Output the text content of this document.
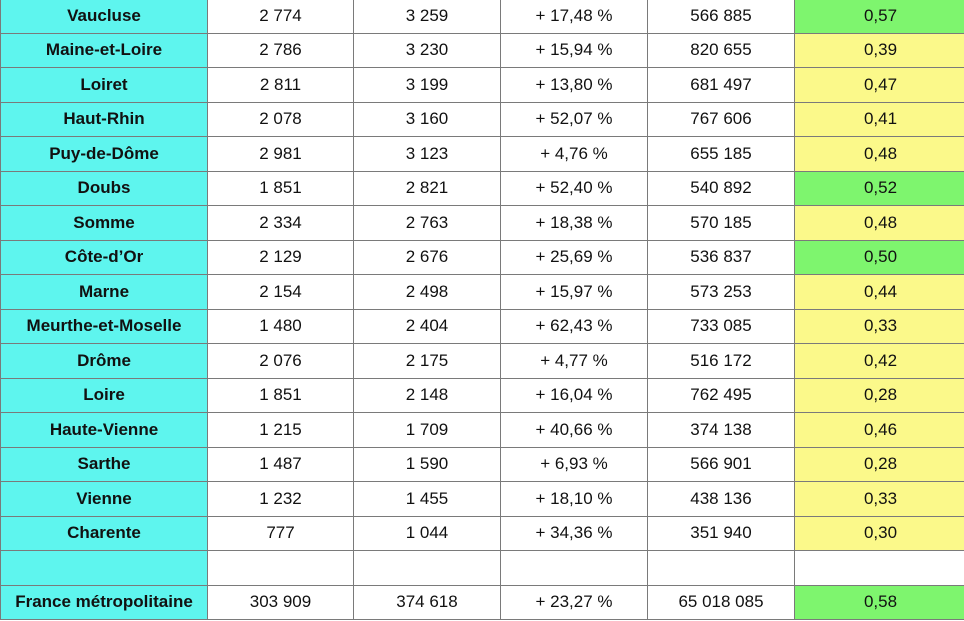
Vaucluse	2 774	3 259	+ 17,48 %	566 885	0,57
Maine-et-Loire	2 786	3 230	+ 15,94 %	820 655	0,39
Loiret	2 811	3 199	+ 13,80 %	681 497	0,47
Haut-Rhin	2 078	3 160	+ 52,07 %	767 606	0,41
Puy-de-Dôme	2 981	3 123	+ 4,76 %	655 185	0,48
Doubs	1 851	2 821	+ 52,40 %	540 892	0,52
Somme	2 334	2 763	+ 18,38 %	570 185	0,48
Côte-d’Or	2 129	2 676	+ 25,69 %	536 837	0,50
Marne	2 154	2 498	+ 15,97 %	573 253	0,44
Meurthe-et-Moselle	1 480	2 404	+ 62,43 %	733 085	0,33
Drôme	2 076	2 175	+ 4,77 %	516 172	0,42
Loire	1 851	2 148	+ 16,04 %	762 495	0,28
Haute-Vienne	1 215	1 709	+ 40,66 %	374 138	0,46
Sarthe	1 487	1 590	+ 6,93 %	566 901	0,28
Vienne	1 232	1 455	+ 18,10 %	438 136	0,33
Charente	777	1 044	+ 34,36 %	351 940	0,30

France métropolitaine	303 909	374 618	+ 23,27 %	65 018 085	0,58
